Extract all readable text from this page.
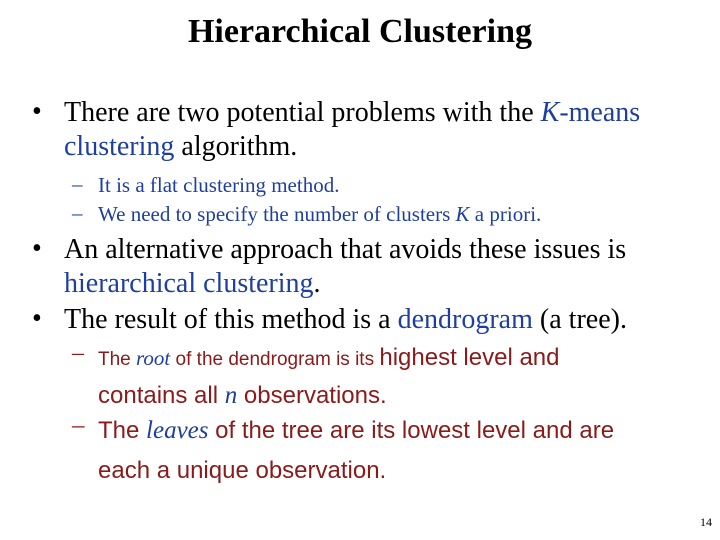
Hierarchical Clustering
• There are two potential problems with the K-means
clustering algorithm.
– It is a flat clustering method.
– We need to specify the number of clusters K a priori.
• An alternative approach that avoids these issues is
hierarchical clustering.
• The result of this method is a dendrogram (a tree).
– The root of the dendrogram is its highest level and
contains all n observations.
– The leaves of the tree are its lowest level and are
each a unique observation.
14
